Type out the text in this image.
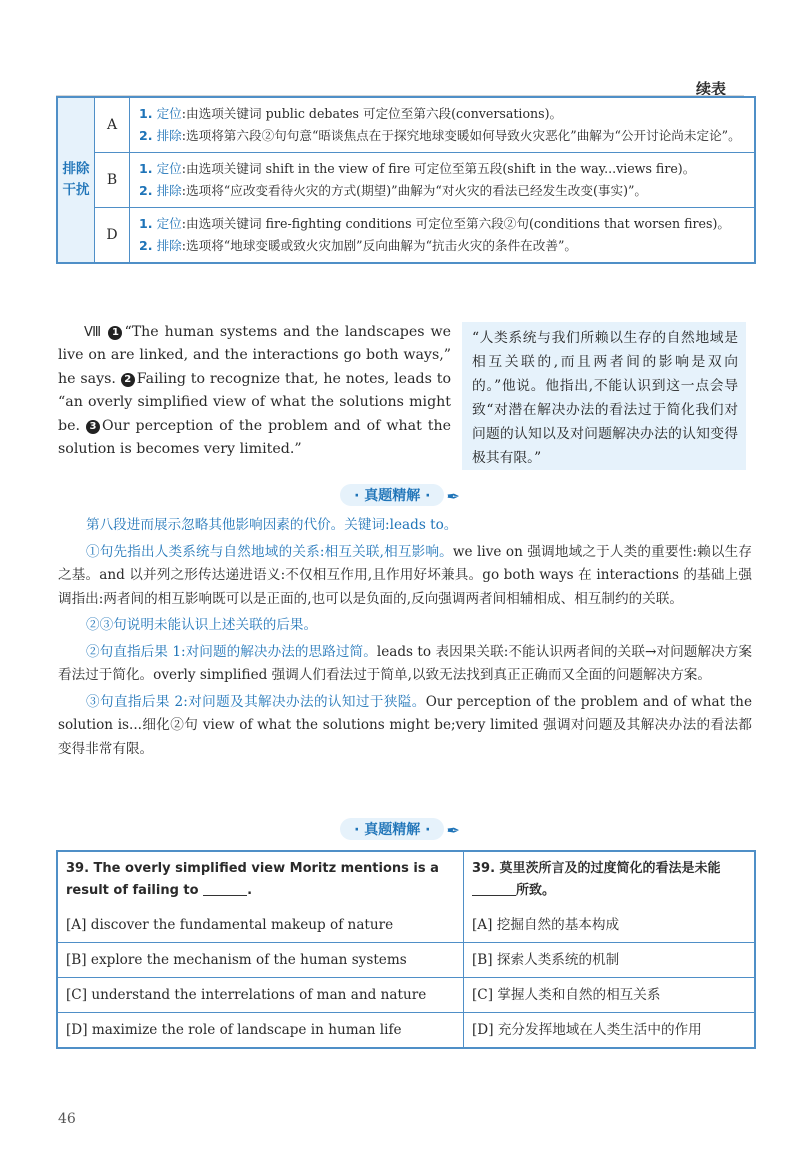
续表
排除
干扰
A
1. 定位:由选项关键词 public debates 可定位至第六段(conversations)。
2. 排除:选项将第六段②句句意“晤谈焦点在于探究地球变暖如何导致火灾恶化”曲解为“公开讨论尚未定论”。
B
1. 定位:由选项关键词 shift in the view of fire 可定位至第五段(shift in the way...views fire)。
2. 排除:选项将“应改变看待火灾的方式(期望)”曲解为“对火灾的看法已经发生改变(事实)”。
D
1. 定位:由选项关键词 fire-fighting conditions 可定位至第六段②句(conditions that worsen fires)。
2. 排除:选项将“地球变暖或致火灾加剧”反向曲解为“抗击火灾的条件在改善”。
Ⅷ 1 “The human systems and the landscapes we live on are linked, and the interactions go both ways,” he says. 2 Failing to recognize that, he notes, leads to “an overly simplified view of what the solutions might be. 3 Our perception of the problem and of what the solution is becomes very limited.”
“人类系统与我们所赖以生存的自然地域是相互关联的,而且两者间的影响是双向的。”他说。他指出,不能认识到这一点会导致“对潜在解决办法的看法过于简化我们对问题的认知以及对问题解决办法的认知变得极其有限。”
· 真题精解 · ✒

第八段进而展示忽略其他影响因素的代价。关键词:leads to。

①句先指出人类系统与自然地域的关系:相互关联,相互影响。we live on 强调地域之于人类的重要性:赖以生存之基。and 以并列之形传达递进语义:不仅相互作用,且作用好坏兼具。go both ways 在 interactions 的基础上强调指出:两者间的相互影响既可以是正面的,也可以是负面的,反向强调两者间相辅相成、相互制约的关联。

②③句说明未能认识上述关联的后果。

②句直指后果 1:对问题的解决办法的思路过简。leads to 表因果关联:不能认识两者间的关联→对问题解决方案看法过于简化。overly simplified 强调人们看法过于简单,以致无法找到真正正确而又全面的问题解决方案。

③句直指后果 2:对问题及其解决办法的认知过于狭隘。Our perception of the problem and of what the solution is...细化②句 view of what the solutions might be;very limited 强调对问题及其解决办法的看法都变得非常有限。

· 真题精解 · ✒
39. The overly simplified view Moritz mentions is a result of failing to	.
39. 莫里茨所言及的过度简化的看法是未能所致。
[A] discover the fundamental makeup of nature	[A] 挖掘自然的基本构成
[B] explore the mechanism of the human systems	[B] 探索人类系统的机制
[C] understand the interrelations of man and nature	[C] 掌握人类和自然的相互关系
[D] maximize the role of landscape in human life	[D] 充分发挥地域在人类生活中的作用
46
